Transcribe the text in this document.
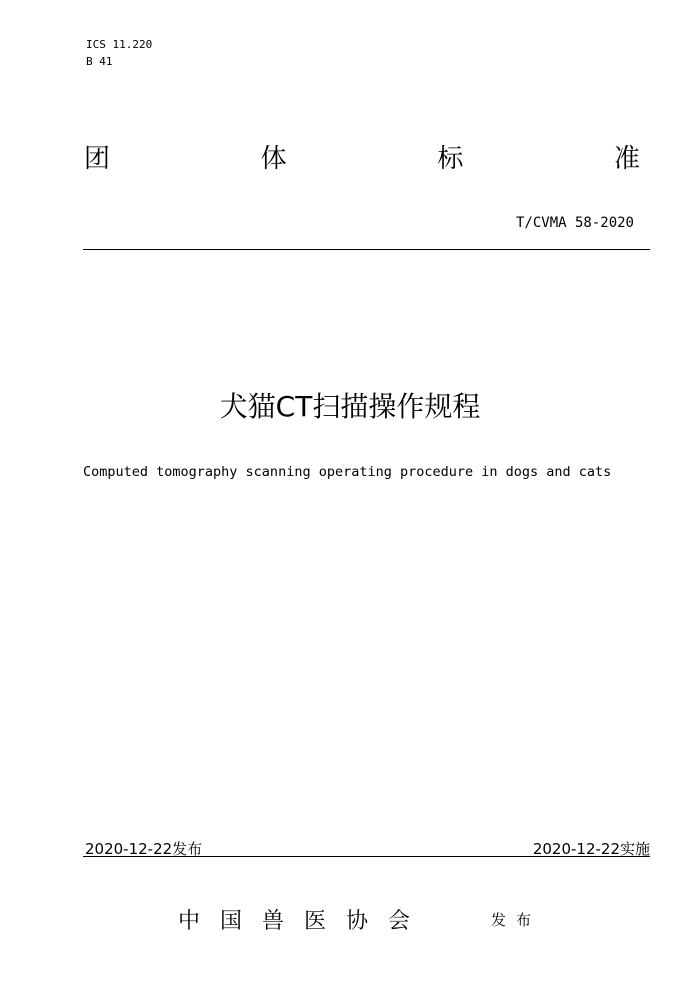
ICS 11.220
B 41
团	体	标	准
T/CVMA 58-2020
犬猫CT扫描操作规程
Computed tomography scanning operating procedure in dogs and cats
2020-12-22发布	2020-12-22实施
中国兽医协会	发布
